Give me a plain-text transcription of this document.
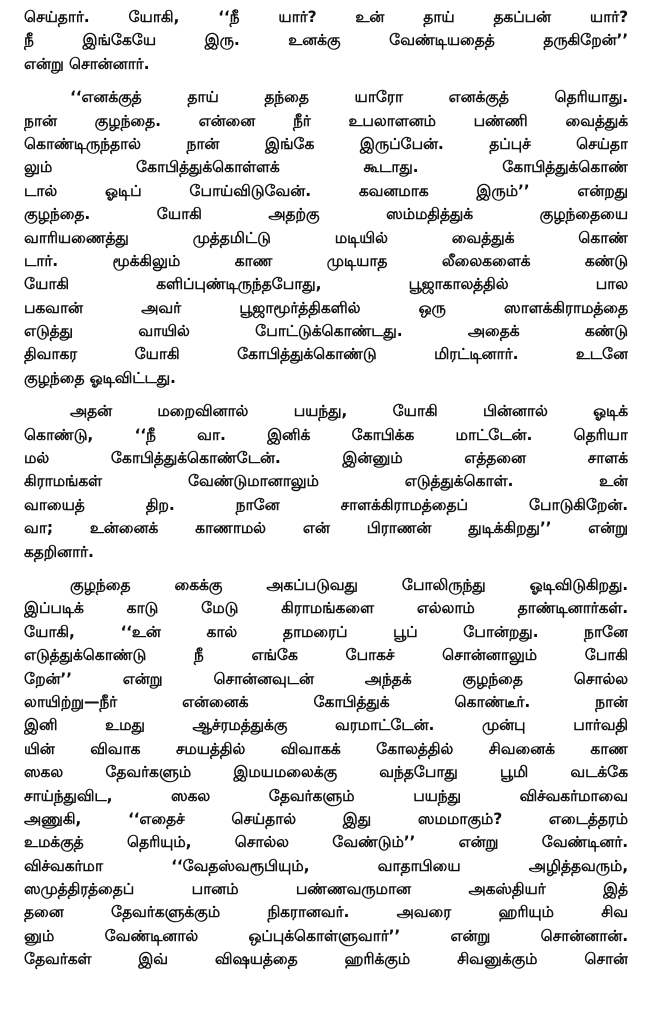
செய்தார். யோகி, ‘‘நீ யார்? உன் தாய் தகப்பன் யார்?
நீ இங்கேயே இரு. உனக்கு வேண்டியதைத் தருகிறேன்’’
என்று சொன்னார்.

‘‘எனக்குத் தாய் தந்தை யாரோ எனக்குத் தெரியாது.
நான் குழந்தை. என்னை நீர் உபலாளனம் பண்ணி வைத்துக்
கொண்டிருந்தால் நான் இங்கே இருப்பேன். தப்புச் செய்தா
லும் கோபித்துக்கொள்ளக் கூடாது. கோபித்துக்கொண்
டால் ஓடிப் போய்விடுவேன். கவனமாக இரும்’’ என்றது
குழந்தை. யோகி அதற்கு ஸம்மதித்துக் குழந்தையை
வாரியணைத்து முத்தமிட்டு மடியில் வைத்துக் கொண்
டார். மூக்கிலும் காண முடியாத லீலைகளைக் கண்டு
யோகி களிப்புண்டிருந்தபோது, பூஜாகாலத்தில் பால
பகவான் அவர் பூஜாமூர்த்திகளில் ஒரு ஸாளக்கிராமத்தை
எடுத்து வாயில் போட்டுக்கொண்டது. அதைக் கண்டு
திவாகர யோகி கோபித்துக்கொண்டு மிரட்டினார். உடனே
குழந்தை ஓடிவிட்டது.

அதன் மறைவினால் பயந்து, யோகி பின்னால் ஓடிக்
கொண்டு, ‘‘நீ வா. இனிக் கோபிக்க மாட்டேன். தெரியா
மல் கோபித்துக்கொண்டேன். இன்னும் எத்தனை சாளக்
கிராமங்கள் வேண்டுமானாலும் எடுத்துக்கொள். உன்
வாயைத் திற. நானே சாளக்கிராமத்தைப் போடுகிறேன்.
வா; உன்னைக் காணாமல் என் பிராணன் துடிக்கிறது’’ என்று
கதறினார்.

குழந்தை கைக்கு அகப்படுவது போலிருந்து ஓடிவிடுகிறது.
இப்படிக் காடு மேடு கிராமங்களை எல்லாம் தாண்டினார்கள்.
யோகி, ‘‘உன் கால் தாமரைப் பூப் போன்றது. நானே
எடுத்துக்கொண்டு நீ எங்கே போகச் சொன்னாலும் போகி
றேன்’’ என்று சொன்னவுடன் அந்தக் குழந்தை சொல்ல
லாயிற்று—நீர் என்னைக் கோபித்துக் கொண்டீர். நான்
இனி உமது ஆச்ரமத்துக்கு வரமாட்டேன். முன்பு பார்வதி
யின் விவாக சமயத்தில் விவாகக் கோலத்தில் சிவனைக் காண
ஸகல தேவர்களும் இமயமலைக்கு வந்தபோது பூமி வடக்கே
சாய்ந்துவிட, ஸகல தேவர்களும் பயந்து விச்வகர்மாவை
அணுகி, ‘‘எதைச் செய்தால் இது ஸமமாகும்? எடைத்தரம்
உமக்குத் தெரியும், சொல்ல வேண்டும்’’ என்று வேண்டினர்.
விச்வகர்மா ‘‘வேதஸ்வரூபியும், வாதாபியை அழித்தவரும்,
ஸமுத்திரத்தைப் பானம் பண்ணவருமான அகஸ்தியர் இத்
தனை தேவர்களுக்கும் நிகரானவர். அவரை ஹரியும் சிவ
னும் வேண்டினால் ஒப்புக்கொள்ளுவார்’’ என்று சொன்னான்.
தேவர்கள் இவ் விஷயத்தை ஹரிக்கும் சிவனுக்கும் சொன்
